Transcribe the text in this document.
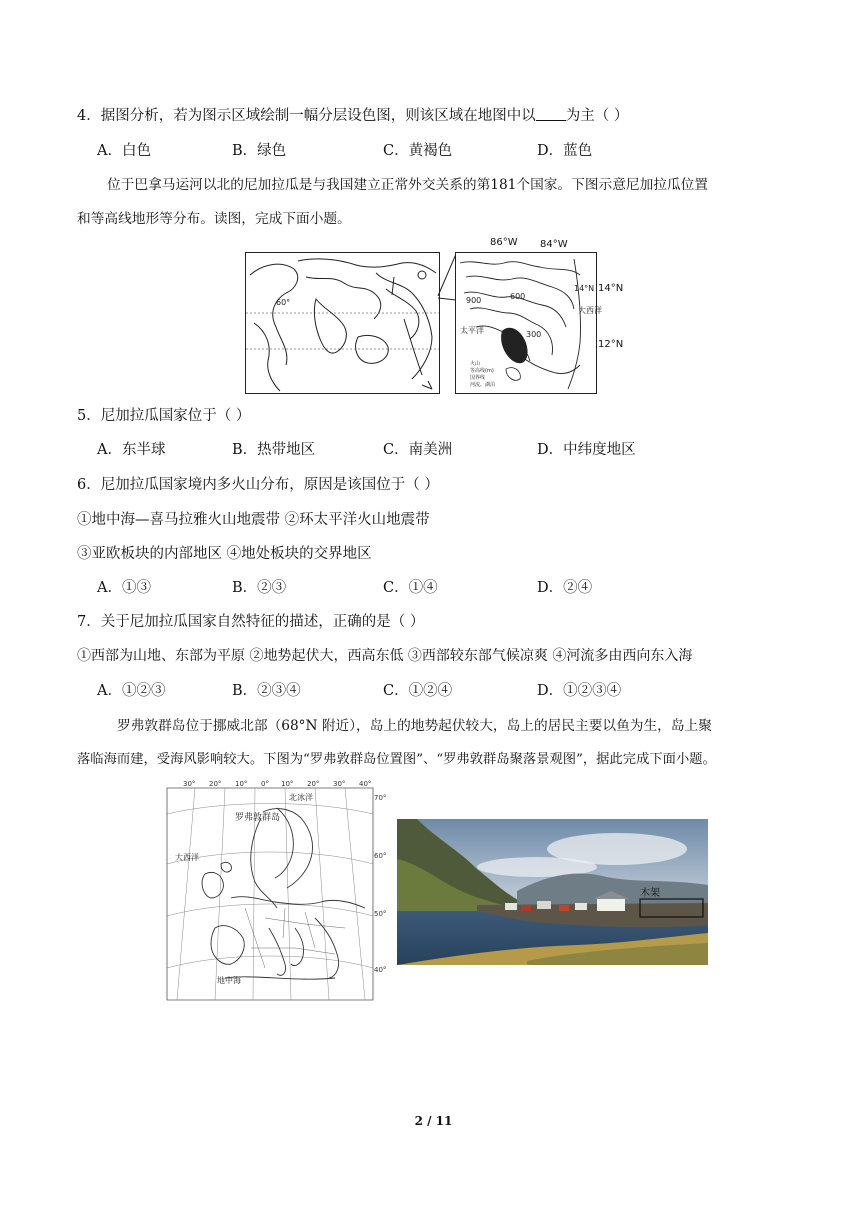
4．据图分析，若为图示区域绘制一幅分层设色图，则该区域在地图中以 为主（ ）
A．白色	B．绿色	C．黄褐色	D．蓝色
位于巴拿马运河以北的尼加拉瓜是与我国建立正常外交关系的第181个国家。下图示意尼加拉瓜位置
和等高线地形等分布。读图，完成下面小题。
60°
14°N
900	600
300
大西洋
太平洋
火山
等高线(m)
国界线
河流、湖泊
86°W 84°W
14°N
12°N
5．尼加拉瓜国家位于（ ）
A．东半球	B．热带地区	C．南美洲	D．中纬度地区
6．尼加拉瓜国家境内多火山分布，原因是该国位于（ ）
①地中海—喜马拉雅火山地震带 ②环太平洋火山地震带
③亚欧板块的内部地区 ④地处板块的交界地区
A．①③	B．②③	C．①④	D．②④
7．关于尼加拉瓜国家自然特征的描述，正确的是（ ）
①西部为山地、东部为平原 ②地势起伏大，西高东低 ③西部较东部气候凉爽 ④河流多由西向东入海
A．①②③	B．②③④	C．①②④	D．①②③④
罗弗敦群岛位于挪威北部（68°N 附近），岛上的地势起伏较大，岛上的居民主要以鱼为生，岛上聚
落临海而建，受海风影响较大。下图为“罗弗敦群岛位置图”、“罗弗敦群岛聚落景观图”，据此完成下面小题。
30° 20° 10° 0° 10° 20° 30° 40°
70°
60°
50°
40°
北冰洋
罗弗敦群岛
大西洋
地中海
木架
2 / 11
